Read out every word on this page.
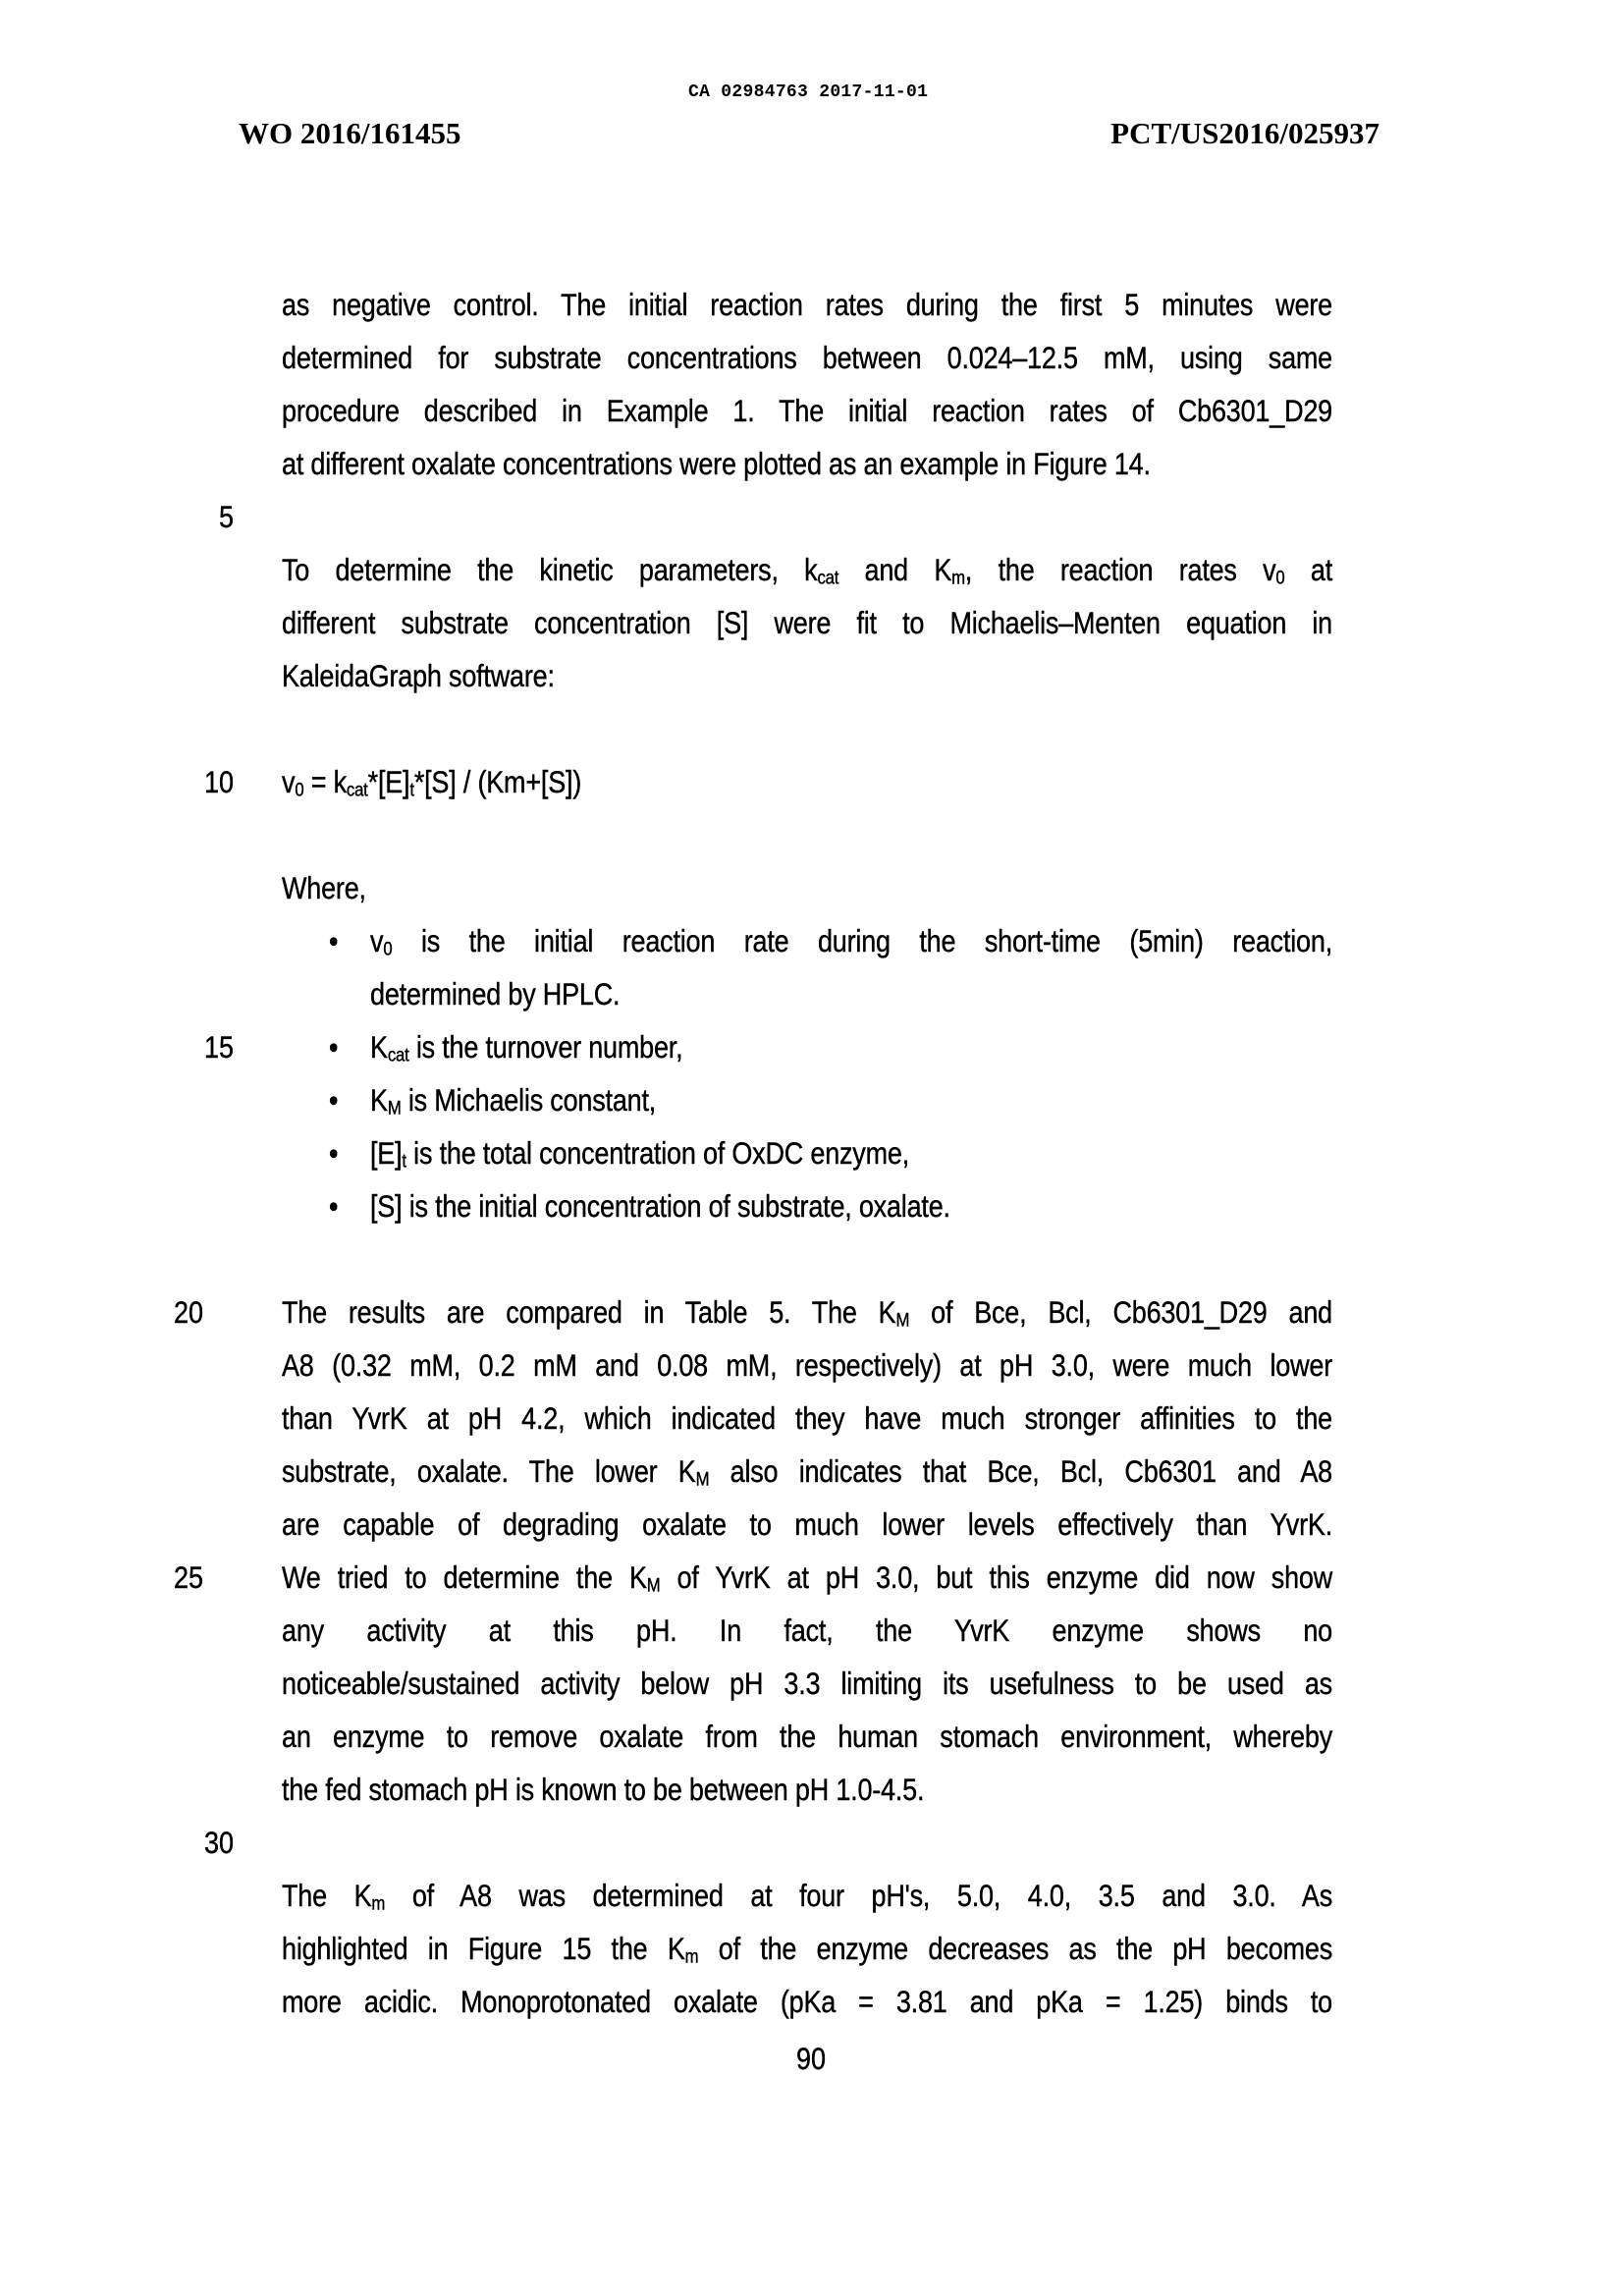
CA 02984763 2017-11-01
WO 2016/161455	PCT/US2016/025937
as negative control. The initial reaction rates during the first 5 minutes were
determined for substrate concentrations between 0.024–12.5 mM, using same
procedure described in Example 1. The initial reaction rates of Cb6301_D29
at different oxalate concentrations were plotted as an example in Figure 14.
5
To determine the kinetic parameters, $k_{cat}$ and $K_m$, the reaction rates $v_0$ at
different substrate concentration [S] were fit to Michaelis–Menten equation in
KaleidaGraph software:
10 $v_0 = k_{cat}*[E]_t*[S] / (Km+[S])$
Where,
•	$v_0$ is the initial reaction rate during the short-time (5min) reaction,
determined by HPLC.
15	•	$K_{cat}$ is the turnover number,
•	$K_M$ is Michaelis constant,
•	$[E]_t$ is the total concentration of OxDC enzyme,
•	[S] is the initial concentration of substrate, oxalate.
20	The results are compared in Table 5. The $K_M$ of Bce, Bcl, Cb6301_D29 and
A8 (0.32 mM, 0.2 mM and 0.08 mM, respectively) at pH 3.0, were much lower
than YvrK at pH 4.2, which indicated they have much stronger affinities to the
substrate, oxalate. The lower $K_M$ also indicates that Bce, Bcl, Cb6301 and A8
are capable of degrading oxalate to much lower levels effectively than YvrK.
25	We tried to determine the $K_M$ of YvrK at pH 3.0, but this enzyme did now show
any activity at this pH. In fact, the YvrK enzyme shows no
noticeable/sustained activity below pH 3.3 limiting its usefulness to be used as
an enzyme to remove oxalate from the human stomach environment, whereby
the fed stomach pH is known to be between pH 1.0-4.5.
30
The $K_m$ of A8 was determined at four pH's, 5.0, 4.0, 3.5 and 3.0. As
highlighted in Figure 15 the $K_m$ of the enzyme decreases as the pH becomes
more acidic. Monoprotonated oxalate (pKa = 3.81 and pKa = 1.25) binds to
90
